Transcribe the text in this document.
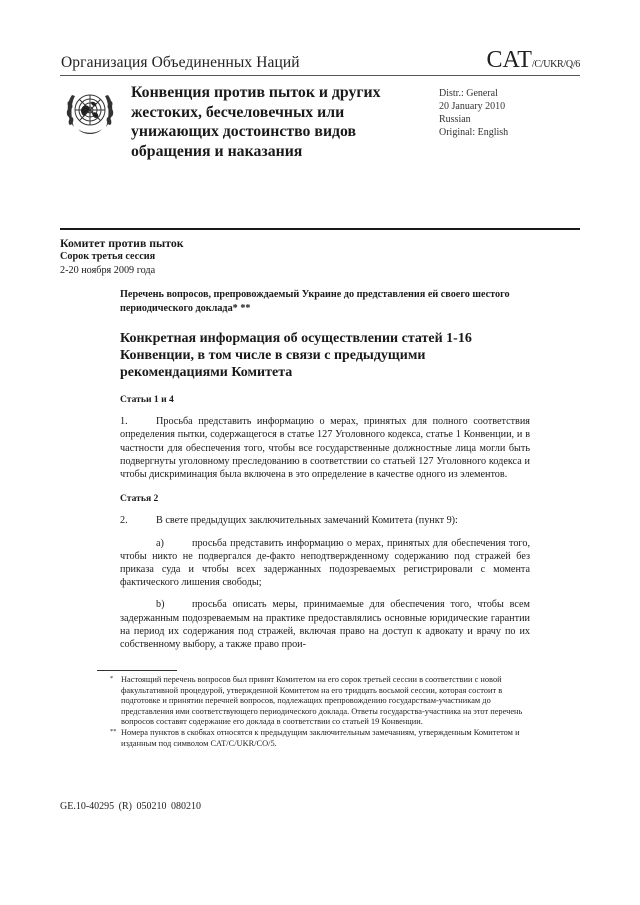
Организация Объединенных Наций	CAT/C/UKR/Q/6
Конвенция против пыток и других жестоких, бесчеловечных или унижающих достоинство видов обращения и наказания
Distr.: General
20 January 2010
Russian
Original: English
Комитет против пыток
Сорок третья сессия
2-20 ноября 2009 года
Перечень вопросов, препровождаемый Украине до представления ей своего шестого периодического доклада* **
Конкретная информация об осуществлении статей 1-16 Конвенции, в том числе в связи с предыдущими рекомендациями Комитета
Статьи 1 и 4

1.	Просьба представить информацию о мерах, принятых для полного соответствия определения пытки, содержащегося в статье 127 Уголовного кодекса, статье 1 Конвенции, и в частности для обеспечения того, чтобы все государственные должностные лица могли быть подвергнуты уголовному преследованию в соответствии со статьей 127 Уголовного кодекса и чтобы дискриминация была включена в это определение в качестве одного из элементов.

Статья 2

2.	В свете предыдущих заключительных замечаний Комитета (пункт 9):

a)	просьба представить информацию о мерах, принятых для обеспечения того, чтобы никто не подвергался де-факто неподтвержденному содержанию под стражей без приказа суда и чтобы всех задержанных подозреваемых регистрировали с момента фактического лишения свободы;

b)	просьба описать меры, принимаемые для обеспечения того, чтобы всем задержанным подозреваемым на практике предоставлялись основные юридические гарантии на период их содержания под стражей, включая право на доступ к адвокату и врачу по их собственному выбору, а также право прои-

* Настоящий перечень вопросов был принят Комитетом на его сорок третьей сессии в соответствии с новой факультативной процедурой, утвержденной Комитетом на его тридцать восьмой сессии, которая состоит в подготовке и принятии перечней вопросов, подлежащих препровождению государствам-участникам до представления ими соответствующего периодического доклада. Ответы государства-участника на этот перечень вопросов составят содержание его доклада в соответствии со статьей 19 Конвенции.

** Номера пунктов в скобках относятся к предыдущим заключительным замечаниям, утвержденным Комитетом и изданным под символом CAT/C/UKR/CO/5.

GE.10-40295 (R) 050210 080210
